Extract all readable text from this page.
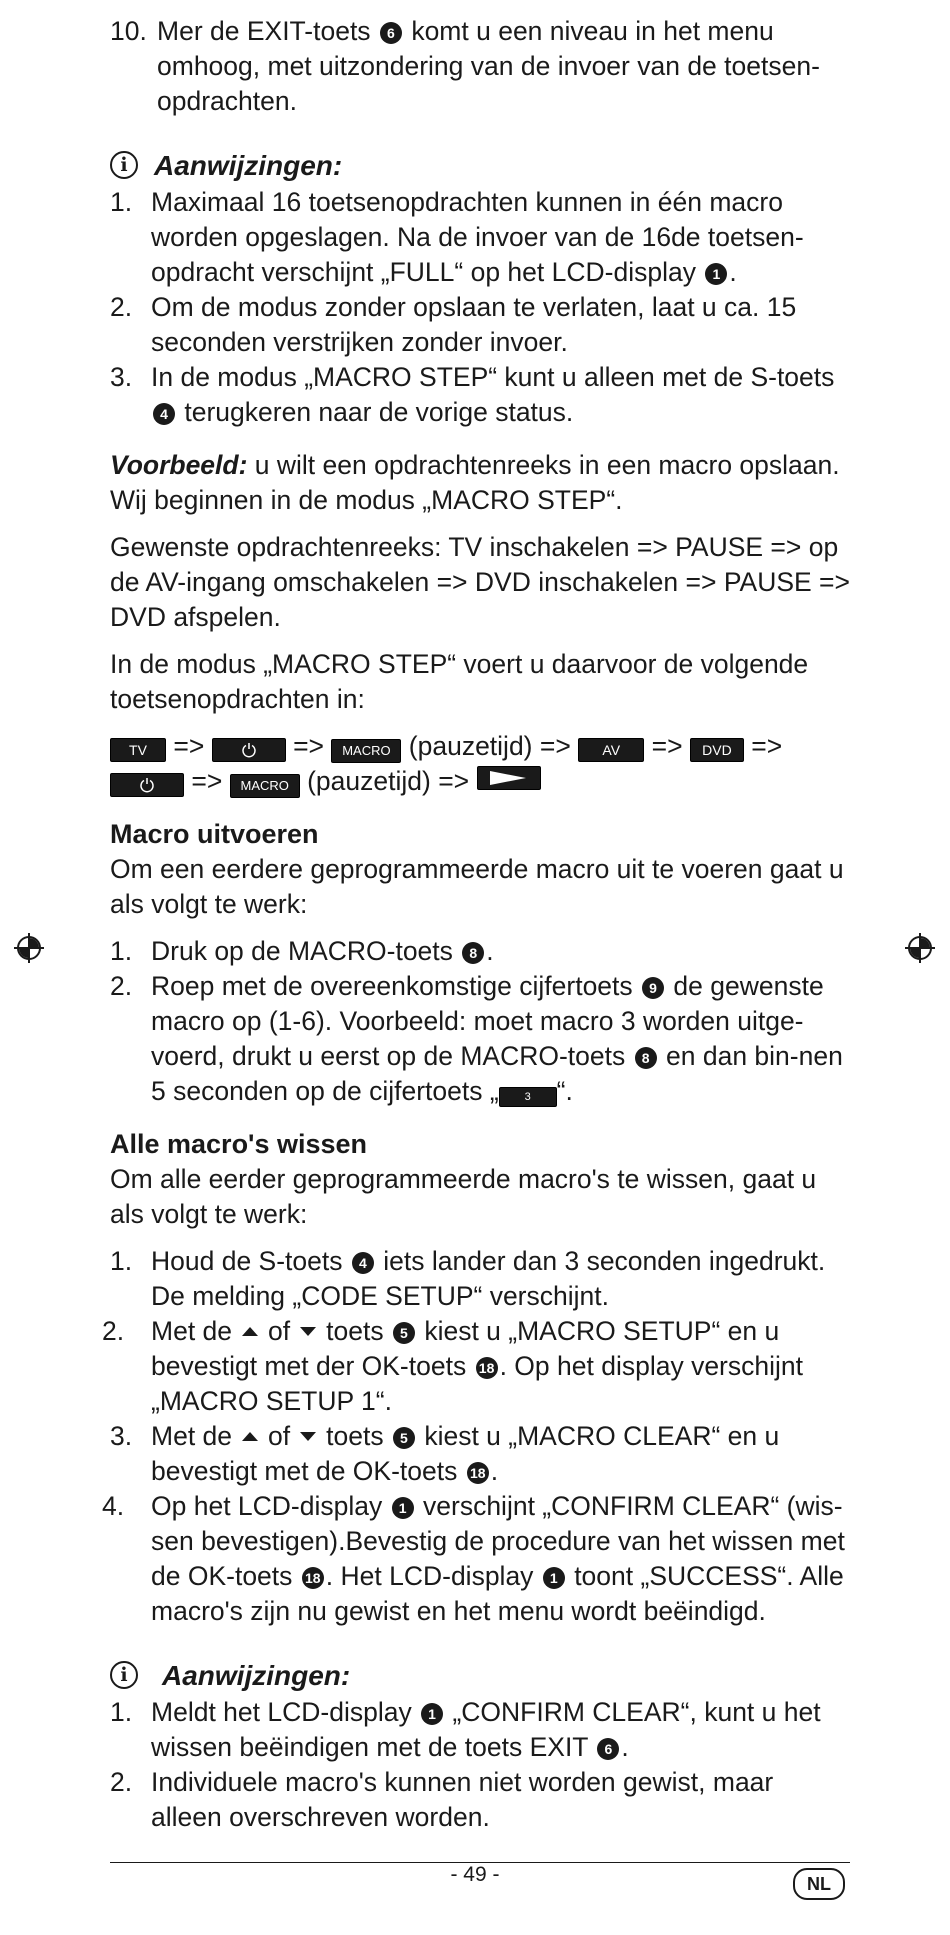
10. Mer de EXIT-toets 6 komt u een niveau in het menu omhoog, met uitzondering van de invoer van de toetsen-opdrachten.
i Aanwijzingen:
1. Maximaal 16 toetsenopdrachten kunnen in één macro worden opgeslagen. Na de invoer van de 16de toetsen-opdracht verschijnt „FULL“ op het LCD-display 1 .
2. Om de modus zonder opslaan te verlaten, laat u ca. 15 seconden verstrijken zonder invoer.
3. In de modus „MACRO STEP“ kunt u alleen met de S-toets 4 terugkeren naar de vorige status.

Voorbeeld: u wilt een opdrachtenreeks in een macro opslaan. Wij beginnen in de modus „MACRO STEP“.

Gewenste opdrachtenreeks: TV inschakelen => PAUSE => op de AV-ingang omschakelen => DVD inschakelen => PAUSE => DVD afspelen.

In de modus „MACRO STEP“ voert u daarvoor de volgende toetsenopdrachten in:

TV =>	=> MACRO (pauzetijd) => AV => DVD =>
=> MACRO (pauzetijd) =>
Macro uitvoeren

Om een eerdere geprogrammeerde macro uit te voeren gaat u als volgt te werk:

1. Druk op de MACRO-toets 8 .
2. Roep met de overeenkomstige cijfertoets 9 de gewenste macro op (1-6). Voorbeeld: moet macro 3 worden uitge-voerd, drukt u eerst op de MACRO-toets 8 en dan bin-nen 5 seconden op de cijfertoets „ 3 “.
Alle macro's wissen

Om alle eerder geprogrammeerde macro's te wissen, gaat u als volgt te werk:

1. Houd de S-toets 4 iets lander dan 3 seconden ingedrukt. De melding „CODE SETUP“ verschijnt.
2. Met de of toets 5 kiest u „MACRO SETUP“ en u bevestigt met der OK-toets 18 . Op het display verschijnt „MACRO SETUP 1“.
3. Met de of toets 5 kiest u „MACRO CLEAR“ en u bevestigt met de OK-toets 18 .
4. Op het LCD-display 1 verschijnt „CONFIRM CLEAR“ (wis-sen bevestigen).Bevestig de procedure van het wissen met de OK-toets 18 . Het LCD-display 1 toont „SUCCESS“. Alle macro's zijn nu gewist en het menu wordt beëindigd.
i	Aanwijzingen:
1. Meldt het LCD-display 1 „CONFIRM CLEAR“, kunt u het wissen beëindigen met de toets EXIT 6 .
2. Individuele macro's kunnen niet worden gewist, maar alleen overschreven worden.
- 49 -	NL
